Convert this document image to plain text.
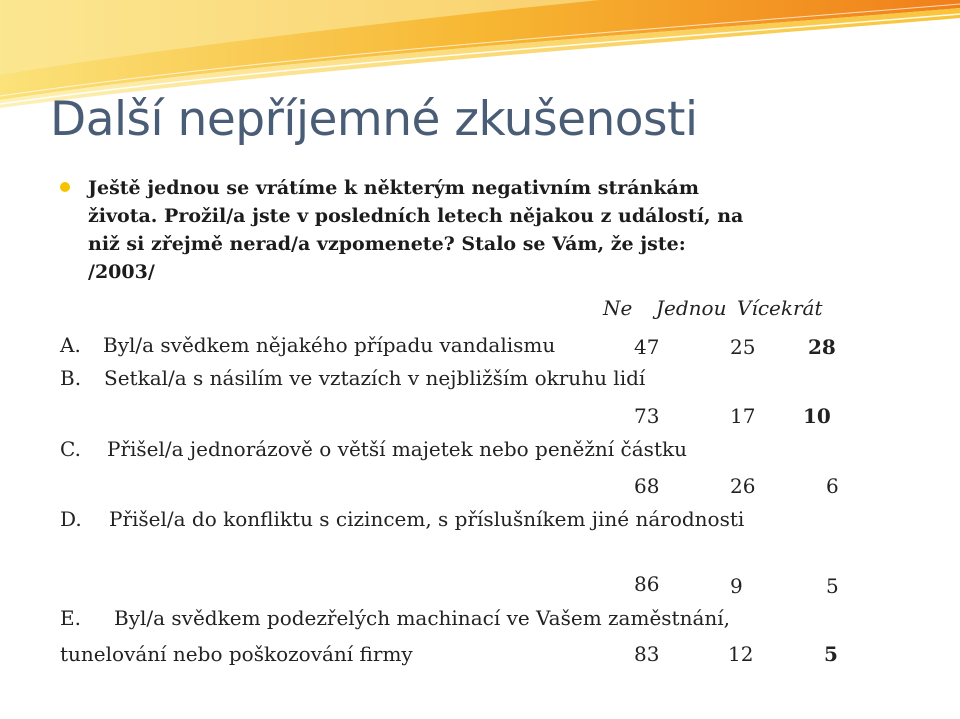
Další nepříjemné zkušenosti
Ještě jednou se vrátíme k některým negativním stránkám
života. Prožil/a jste v posledních letech nějakou z událostí, na
niž si zřejmě nerad/a vzpomenete? Stalo se Vám, že jste:
/2003/
Ne Jednou Vícekrát
A. Byl/a svědkem nějakého případu vandalismu	47	25	28
B. Setkal/a s násilím ve vztazích v nejbližším okruhu lidí
73	17 10
C. Přišel/a jednorázově o větší majetek nebo peněžní částku
68	26	6
D. Přišel/a do konfliktu s cizincem, s příslušníkem jiné národnosti
86	9	5
E. Byl/a svědkem podezřelých machinací ve Vašem zaměstnání,
tunelování nebo poškozování firmy	83	12	5
